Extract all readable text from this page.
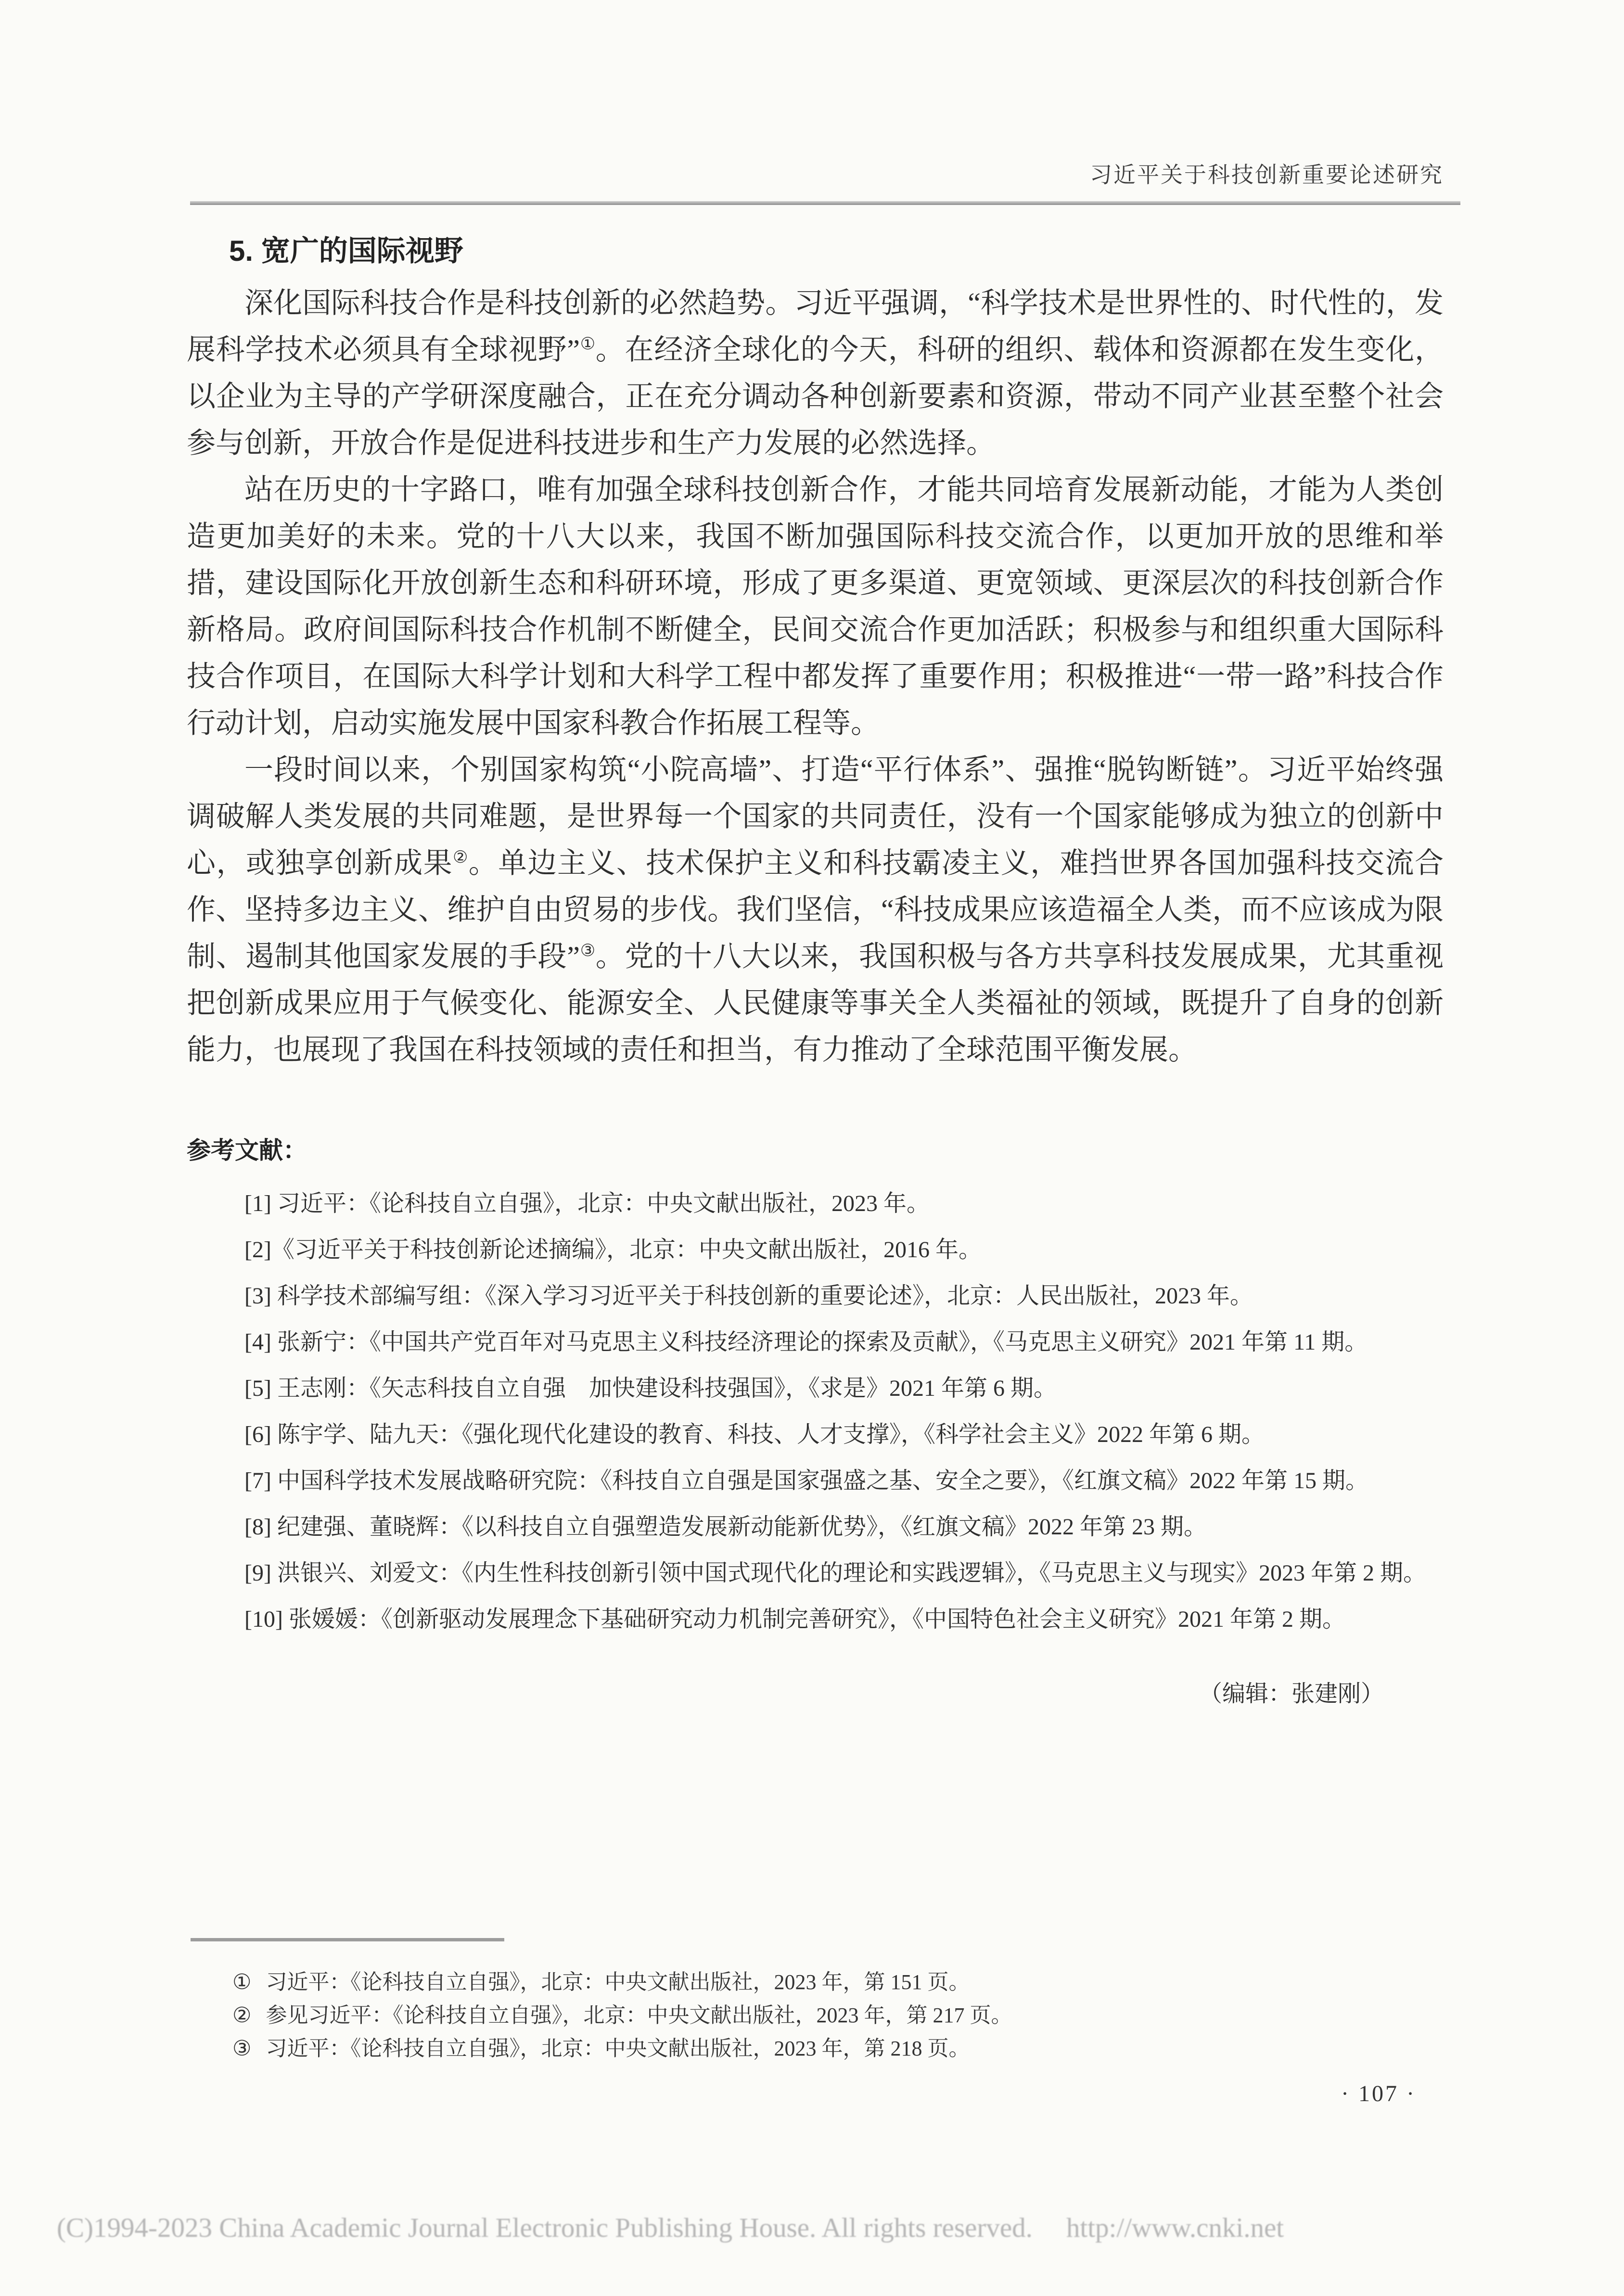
习近平关于科技创新重要论述研究
5. 宽广的国际视野

深化国际科技合作是科技创新的必然趋势。习近平强调，“科学技术是世界性的、时代性的，发展科学技术必须具有全球视野”①。在经济全球化的今天，科研的组织、载体和资源都在发生变化，以企业为主导的产学研深度融合，正在充分调动各种创新要素和资源，带动不同产业甚至整个社会参与创新，开放合作是促进科技进步和生产力发展的必然选择。

站在历史的十字路口，唯有加强全球科技创新合作，才能共同培育发展新动能，才能为人类创造更加美好的未来。党的十八大以来，我国不断加强国际科技交流合作，以更加开放的思维和举措，建设国际化开放创新生态和科研环境，形成了更多渠道、更宽领域、更深层次的科技创新合作新格局。政府间国际科技合作机制不断健全，民间交流合作更加活跃；积极参与和组织重大国际科技合作项目，在国际大科学计划和大科学工程中都发挥了重要作用；积极推进“一带一路”科技合作行动计划，启动实施发展中国家科教合作拓展工程等。

一段时间以来，个别国家构筑“小院高墙”、打造“平行体系”、强推“脱钩断链”。习近平始终强调破解人类发展的共同难题，是世界每一个国家的共同责任，没有一个国家能够成为独立的创新中心，或独享创新成果②。单边主义、技术保护主义和科技霸凌主义，难挡世界各国加强科技交流合作、坚持多边主义、维护自由贸易的步伐。我们坚信，“科技成果应该造福全人类，而不应该成为限制、遏制其他国家发展的手段”③。党的十八大以来，我国积极与各方共享科技发展成果，尤其重视把创新成果应用于气候变化、能源安全、人民健康等事关全人类福祉的领域，既提升了自身的创新能力，也展现了我国在科技领域的责任和担当，有力推动了全球范围平衡发展。

参考文献：
[1] 习近平：《论科技自立自强》，北京：中央文献出版社，2023 年。
[2]《习近平关于科技创新论述摘编》，北京：中央文献出版社，2016 年。
[3] 科学技术部编写组：《深入学习习近平关于科技创新的重要论述》，北京：人民出版社，2023 年。
[4] 张新宁：《中国共产党百年对马克思主义科技经济理论的探索及贡献》，《马克思主义研究》2021 年第 11 期。
[5] 王志刚：《矢志科技自立自强　加快建设科技强国》，《求是》2021 年第 6 期。
[6] 陈宇学、陆九天：《强化现代化建设的教育、科技、人才支撑》，《科学社会主义》2022 年第 6 期。
[7] 中国科学技术发展战略研究院：《科技自立自强是国家强盛之基、安全之要》，《红旗文稿》2022 年第 15 期。
[8] 纪建强、董晓辉：《以科技自立自强塑造发展新动能新优势》，《红旗文稿》2022 年第 23 期。
[9] 洪银兴、刘爱文：《内生性科技创新引领中国式现代化的理论和实践逻辑》，《马克思主义与现实》2023 年第 2 期。
[10] 张媛媛：《创新驱动发展理念下基础研究动力机制完善研究》，《中国特色社会主义研究》2021 年第 2 期。
（编辑：张建刚）
① 习近平：《论科技自立自强》，北京：中央文献出版社，2023 年，第 151 页。
② 参见习近平：《论科技自立自强》，北京：中央文献出版社，2023 年，第 217 页。
③ 习近平：《论科技自立自强》，北京：中央文献出版社，2023 年，第 218 页。
· 107 ·
(C)1994-2023 China Academic Journal Electronic Publishing House. All rights reserved. http://www.cnki.net
